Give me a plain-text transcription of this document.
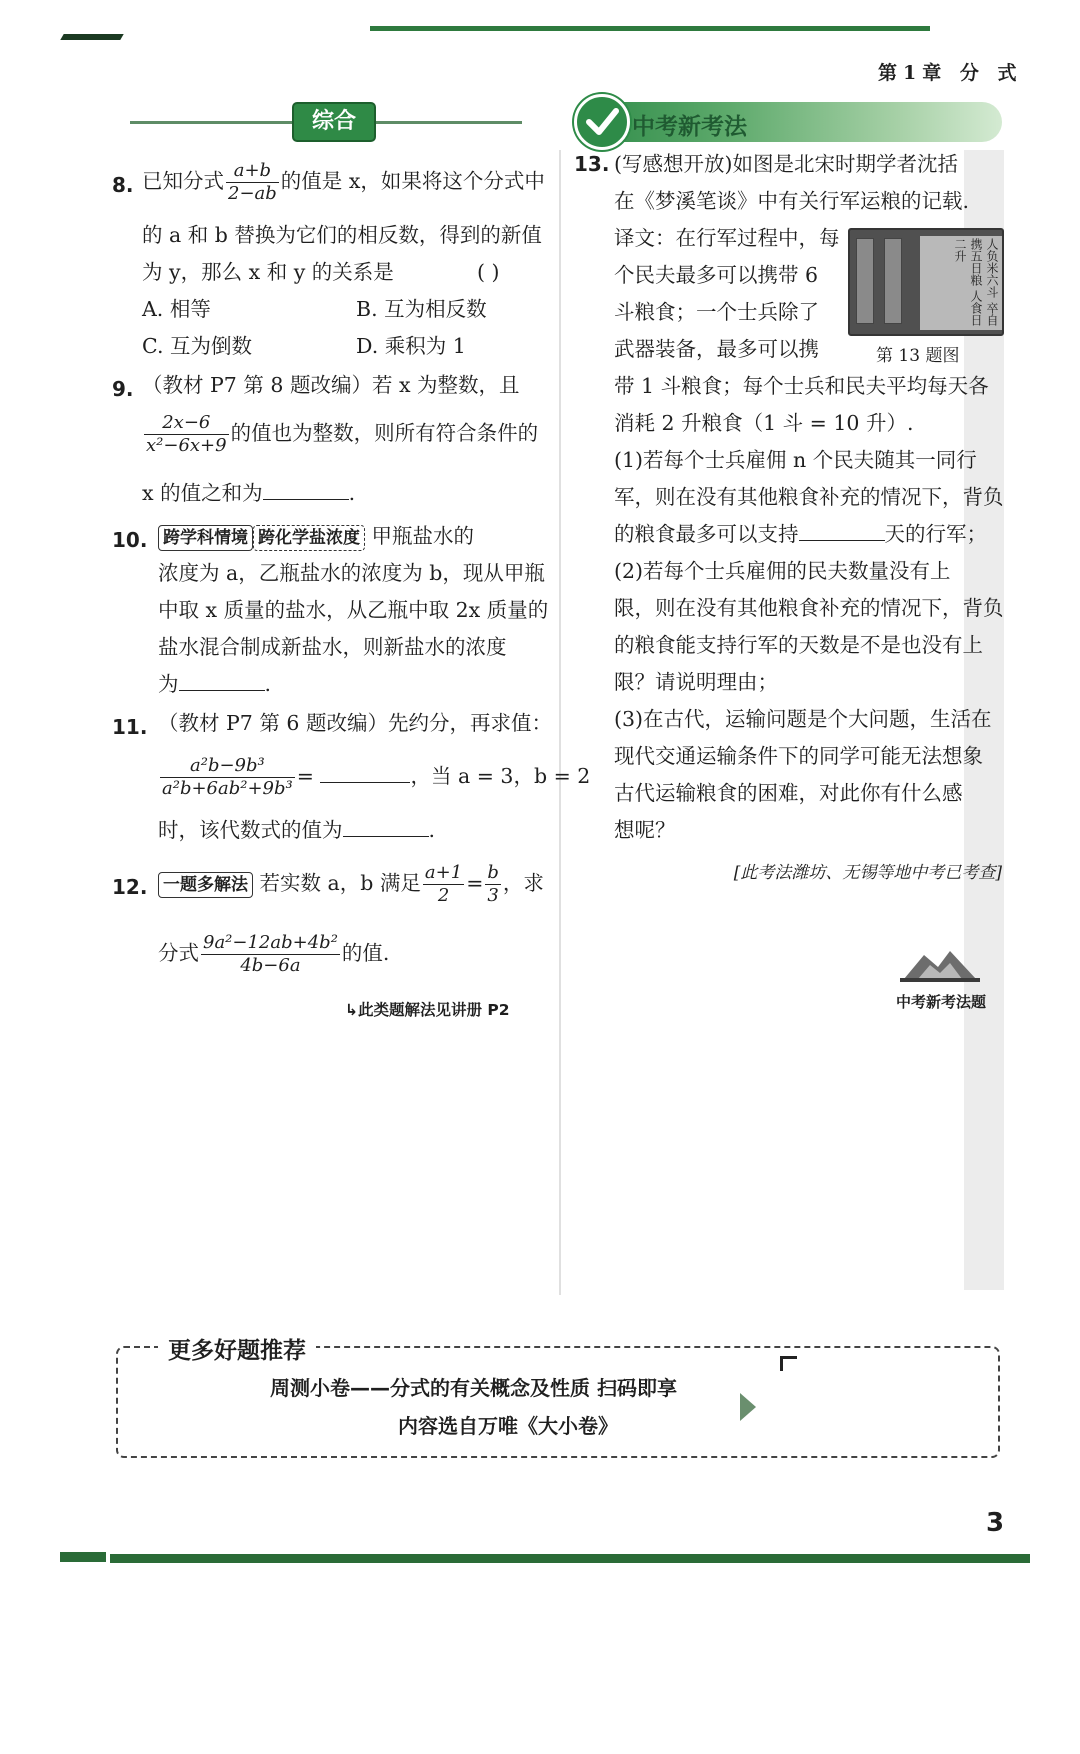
第1章 分 式
综合	中考新考法
8. 已知分式 $\frac{a+b}{2-ab}$ 的值是 x，如果将这个分式中
的 a 和 b 替换为它们的相反数，得到的新值
为 y，那么 x 和 y 的关系是	( )
A. 相等	B. 互为相反数
C. 互为倒数	D. 乘积为 1
9. （教材 P7 第 8 题改编）若 x 为整数，且
$\frac{2x-6}{\text{x²−6x+9}}$ 的值也为整数，则所有符合条件的
x 的值之和为	.
10. 跨学科情境 跨化学盐浓度 甲瓶盐水的
浓度为 a，乙瓶盐水的浓度为 b，现从甲瓶
中取 x 质量的盐水，从乙瓶中取 2x 质量的
盐水混合制成新盐水，则新盐水的浓度
为	.
11. （教材 P7 第 6 题改编）先约分，再求值：
$\frac{\text{a²b−9b³}}{\text{a²b+6ab²+9b³}}$ =	，当 a = 3，b = 2
时，该代数式的值为	.
12. 一题多解法 若实数 a，b 满足 $\frac{a+1}{2} = \frac{b}{3}$ ，求
分式 $\frac{\text{9a²−12ab+4b²}}{4b-6a}$ 的值.
↳此类题解法见讲册 P2
13. (写感想开放)如图是北宋时期学者沈括
在《梦溪笔谈》中有关行军运粮的记载.
译文：在行军过程中，每
个民夫最多可以携带 6
斗粮食；一个士兵除了
武器装备，最多可以携
人负米六斗 卒自携五日粮 人食日二升
第 13 题图
带 1 斗粮食；每个士兵和民夫平均每天各
消耗 2 升粮食（1 斗 = 10 升）.
(1)若每个士兵雇佣 n 个民夫随其一同行
军，则在没有其他粮食补充的情况下，背负
的粮食最多可以支持	天的行军；
(2)若每个士兵雇佣的民夫数量没有上
限，则在没有其他粮食补充的情况下，背负
的粮食能支持行军的天数是不是也没有上
限？请说明理由；
(3)在古代，运输问题是个大问题，生活在
现代交通运输条件下的同学可能无法想象
古代运输粮食的困难，对此你有什么感
想呢？
[此考法潍坊、无锡等地中考已考查]
中考新考法题
更多好题推荐
周测小卷——分式的有关概念及性质 扫码即享
内容选自万唯《大小卷》
3
